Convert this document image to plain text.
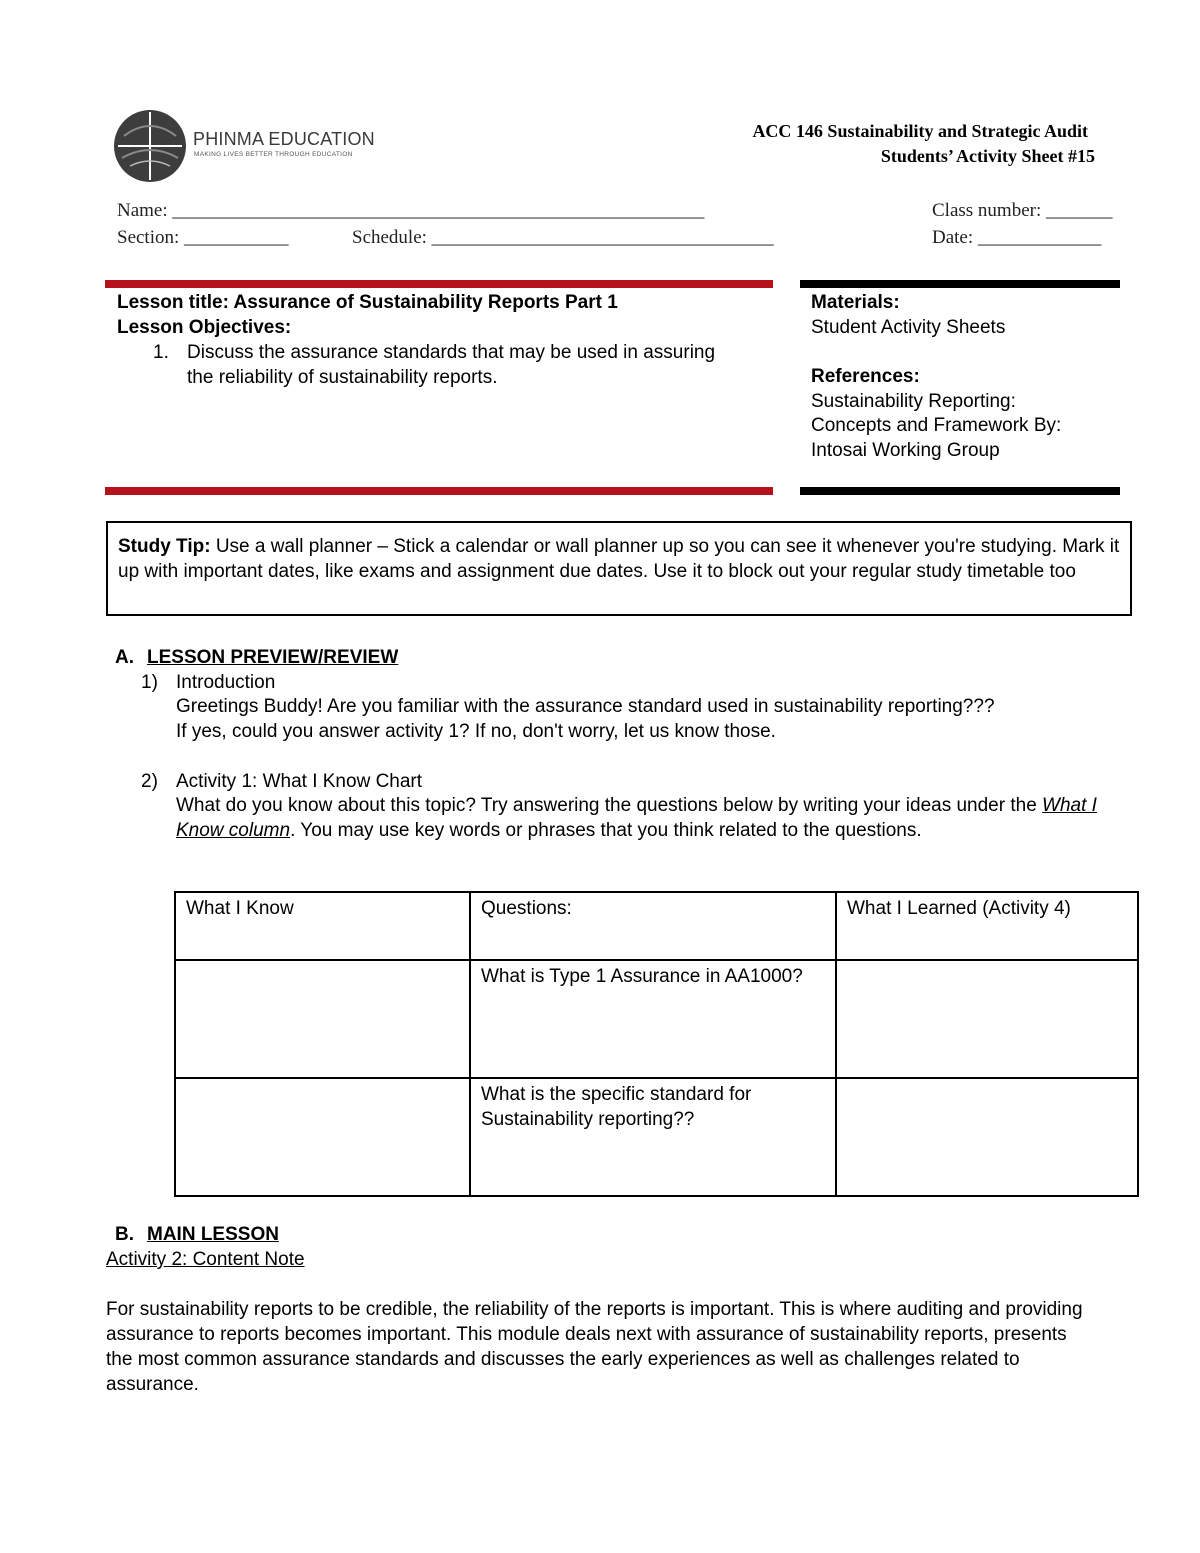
PHINMA EDUCATION
MAKING LIVES BETTER THROUGH EDUCATION
ACC 146 Sustainability and Strategic Audit
Students’ Activity Sheet #15
Name: ________________________________________________________	Class number: _______
Section: ___________	Schedule: ____________________________________	Date: _____________
Lesson title: Assurance of Sustainability Reports Part 1
Lesson Objectives:
1. Discuss the assurance standards that may be used in assuring the reliability of sustainability reports.
Materials:
Student Activity Sheets
References:
Sustainability Reporting:
Concepts and Framework By:
Intosai Working Group
Study Tip: Use a wall planner – Stick a calendar or wall planner up so you can see it whenever you're studying. Mark it up with important dates, like exams and assignment due dates. Use it to block out your regular study timetable too
A. LESSON PREVIEW/REVIEW
1) Introduction
Greetings Buddy! Are you familiar with the assurance standard used in sustainability reporting??? If yes, could you answer activity 1? If no, don't worry, let us know those.
2) Activity 1: What I Know Chart
What do you know about this topic? Try answering the questions below by writing your ideas under the What I Know column. You may use key words or phrases that you think related to the questions.
What I Know	Questions:	What I Learned (Activity 4)
	What is Type 1 Assurance in AA1000?	
	What is the specific standard for Sustainability reporting??	
B. MAIN LESSON
Activity 2: Content Note
For sustainability reports to be credible, the reliability of the reports is important. This is where auditing and providing assurance to reports becomes important. This module deals next with assurance of sustainability reports, presents the most common assurance standards and discusses the early experiences as well as challenges related to assurance.
